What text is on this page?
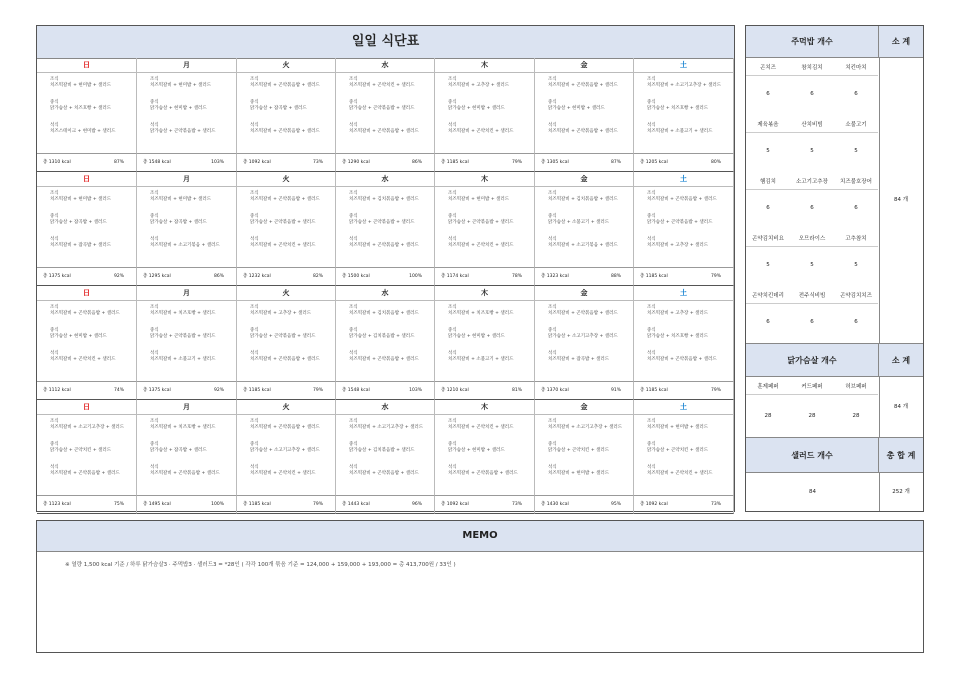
일일 식단표
日
조식
치즈떡갈비 + 현미밥 + 샐러드
중식
닭가슴살 + 치즈호빵 + 샐러드
석식
치즈스테이크 + 현미밥 + 샐러드
총 1310 kcal	87%
月
조식
치즈떡갈비 + 현미밥 + 샐러드
중식
닭가슴살 + 현미밥 + 샐러드
석식
닭가슴살 + 곤약볶음밥 + 샐러드
총 1548 kcal	103%
火
조식
치즈떡갈비 + 곤약볶음밥 + 샐러드
중식
닭가슴살 + 잡곡밥 + 샐러드
석식
치즈떡갈비 + 곤약볶음밥 + 샐러드
총 1092 kcal	73%
水
조식
치즈떡갈비 + 곤약치킨 + 샐러드
중식
닭가슴살 + 곤약볶음밥 + 샐러드
석식
치즈떡갈비 + 곤약볶음밥 + 샐러드
총 1290 kcal	86%
木
조식
치즈떡갈비 + 고추장 + 샐러드
중식
닭가슴살 + 현미밥 + 샐러드
석식
치즈떡갈비 + 곤약치킨 + 샐러드
총 1185 kcal	79%
金
조식
치즈떡갈비 + 곤약볶음밥 + 샐러드
중식
닭가슴살 + 현미밥 + 샐러드
석식
치즈떡갈비 + 곤약볶음밥 + 샐러드
총 1305 kcal	87%
土
조식
치즈떡갈비 + 소고기고추장 + 샐러드
중식
닭가슴살 + 치즈호빵 + 샐러드
석식
치즈떡갈비 + 소불고기 + 샐러드
총 1205 kcal	80%
日
조식
치즈떡갈비 + 현미밥 + 샐러드
중식
닭가슴살 + 잡곡밥 + 샐러드
석식
치즈떡갈비 + 잡곡밥 + 샐러드
총 1375 kcal	92%
月
조식
치즈떡갈비 + 현미밥 + 샐러드
중식
닭가슴살 + 잡곡밥 + 샐러드
석식
치즈떡갈비 + 소고기볶음 + 샐러드
총 1295 kcal	86%
火
조식
치즈떡갈비 + 곤약볶음밥 + 샐러드
중식
닭가슴살 + 곤약볶음밥 + 샐러드
석식
치즈떡갈비 + 곤약치킨 + 샐러드
총 1232 kcal	82%
水
조식
치즈떡갈비 + 김치볶음밥 + 샐러드
중식
닭가슴살 + 곤약볶음밥 + 샐러드
석식
치즈떡갈비 + 곤약볶음밥 + 샐러드
총 1500 kcal	100%
木
조식
치즈떡갈비 + 현미밥 + 샐러드
중식
닭가슴살 + 곤약볶음밥 + 샐러드
석식
치즈떡갈비 + 곤약치킨 + 샐러드
총 1174 kcal	78%
金
조식
치즈떡갈비 + 김치볶음밥 + 샐러드
중식
닭가슴살 + 소불고기 + 샐러드
석식
치즈떡갈비 + 소고기볶음 + 샐러드
총 1323 kcal	88%
土
조식
치즈떡갈비 + 곤약볶음밥 + 샐러드
중식
닭가슴살 + 곤약볶음밥 + 샐러드
석식
치즈떡갈비 + 고추장 + 샐러드
총 1185 kcal	79%
日
조식
치즈떡갈비 + 곤약볶음밥 + 샐러드
중식
닭가슴살 + 현미밥 + 샐러드
석식
치즈떡갈비 + 곤약치킨 + 샐러드
총 1112 kcal	74%
月
조식
치즈떡갈비 + 치즈호빵 + 샐러드
중식
닭가슴살 + 곤약볶음밥 + 샐러드
석식
치즈떡갈비 + 소불고기 + 샐러드
총 1375 kcal	92%
火
조식
치즈떡갈비 + 고추장 + 샐러드
중식
닭가슴살 + 곤약볶음밥 + 샐러드
석식
치즈떡갈비 + 곤약볶음밥 + 샐러드
총 1185 kcal	79%
水
조식
치즈떡갈비 + 김치볶음밥 + 샐러드
중식
닭가슴살 + 김치볶음밥 + 샐러드
석식
치즈떡갈비 + 곤약볶음밥 + 샐러드
총 1548 kcal	103%
木
조식
치즈떡갈비 + 치즈호빵 + 샐러드
중식
닭가슴살 + 현미밥 + 샐러드
석식
치즈떡갈비 + 소불고기 + 샐러드
총 1210 kcal	81%
金
조식
치즈떡갈비 + 곤약볶음밥 + 샐러드
중식
닭가슴살 + 소고기고추장 + 샐러드
석식
치즈떡갈비 + 잡곡밥 + 샐러드
총 1370 kcal	91%
土
조식
치즈떡갈비 + 고추장 + 샐러드
중식
닭가슴살 + 치즈호빵 + 샐러드
석식
치즈떡갈비 + 곤약볶음밥 + 샐러드
총 1185 kcal	79%
日
조식
치즈떡갈비 + 소고기고추장 + 샐러드
중식
닭가슴살 + 곤약치킨 + 샐러드
석식
치즈떡갈비 + 곤약볶음밥 + 샐러드
총 1123 kcal	75%
月
조식
치즈떡갈비 + 치즈호빵 + 샐러드
중식
닭가슴살 + 잡곡밥 + 샐러드
석식
치즈떡갈비 + 곤약볶음밥 + 샐러드
총 1495 kcal	100%
火
조식
치즈떡갈비 + 곤약볶음밥 + 샐러드
중식
닭가슴살 + 소고기고추장 + 샐러드
석식
치즈떡갈비 + 곤약치킨 + 샐러드
총 1185 kcal	79%
水
조식
치즈떡갈비 + 소고기고추장 + 샐러드
중식
닭가슴살 + 김치볶음밥 + 샐러드
석식
치즈떡갈비 + 곤약볶음밥 + 샐러드
총 1443 kcal	96%
木
조식
치즈떡갈비 + 곤약치킨 + 샐러드
중식
닭가슴살 + 현미밥 + 샐러드
석식
치즈떡갈비 + 곤약볶음밥 + 샐러드
총 1092 kcal	73%
金
조식
치즈떡갈비 + 소고기고추장 + 샐러드
중식
닭가슴살 + 곤약치킨 + 샐러드
석식
치즈떡갈비 + 현미밥 + 샐러드
총 1430 kcal	95%
土
조식
치즈떡갈비 + 현미밥 + 샐러드
중식
닭가슴살 + 곤약치킨 + 샐러드
석식
치즈떡갈비 + 곤약치킨 + 샐러드
총 1092 kcal	73%
주먹밥 개수	소 계
곤치즈
6
참치김치
6
치킨마치
6
제육볶음
5
산치비빔
5
소불고기
5
햄김치
6
소고기고추장
6
치즈불호장어
6
곤약김치비요
5
오므라이스
5
고추참치
5
곤약치킨데리
6
전주식비빔
6
곤약김치치즈
6
84 개
닭가슴살 개수	소 계
훈제페퍼
28
커드페퍼
28
허브페퍼
28
84 개
샐러드 개수	총 합 계
84	252 개
MEMO
※ 열량 1,500 kcal 기준 / 하루 닭가슴살3 · 주먹밥3 · 샐러드3 = *28인 ( 각각 100개 묶음 기준 = 124,000 + 159,000 + 193,000 = 총 413,700원 / 33인 )
